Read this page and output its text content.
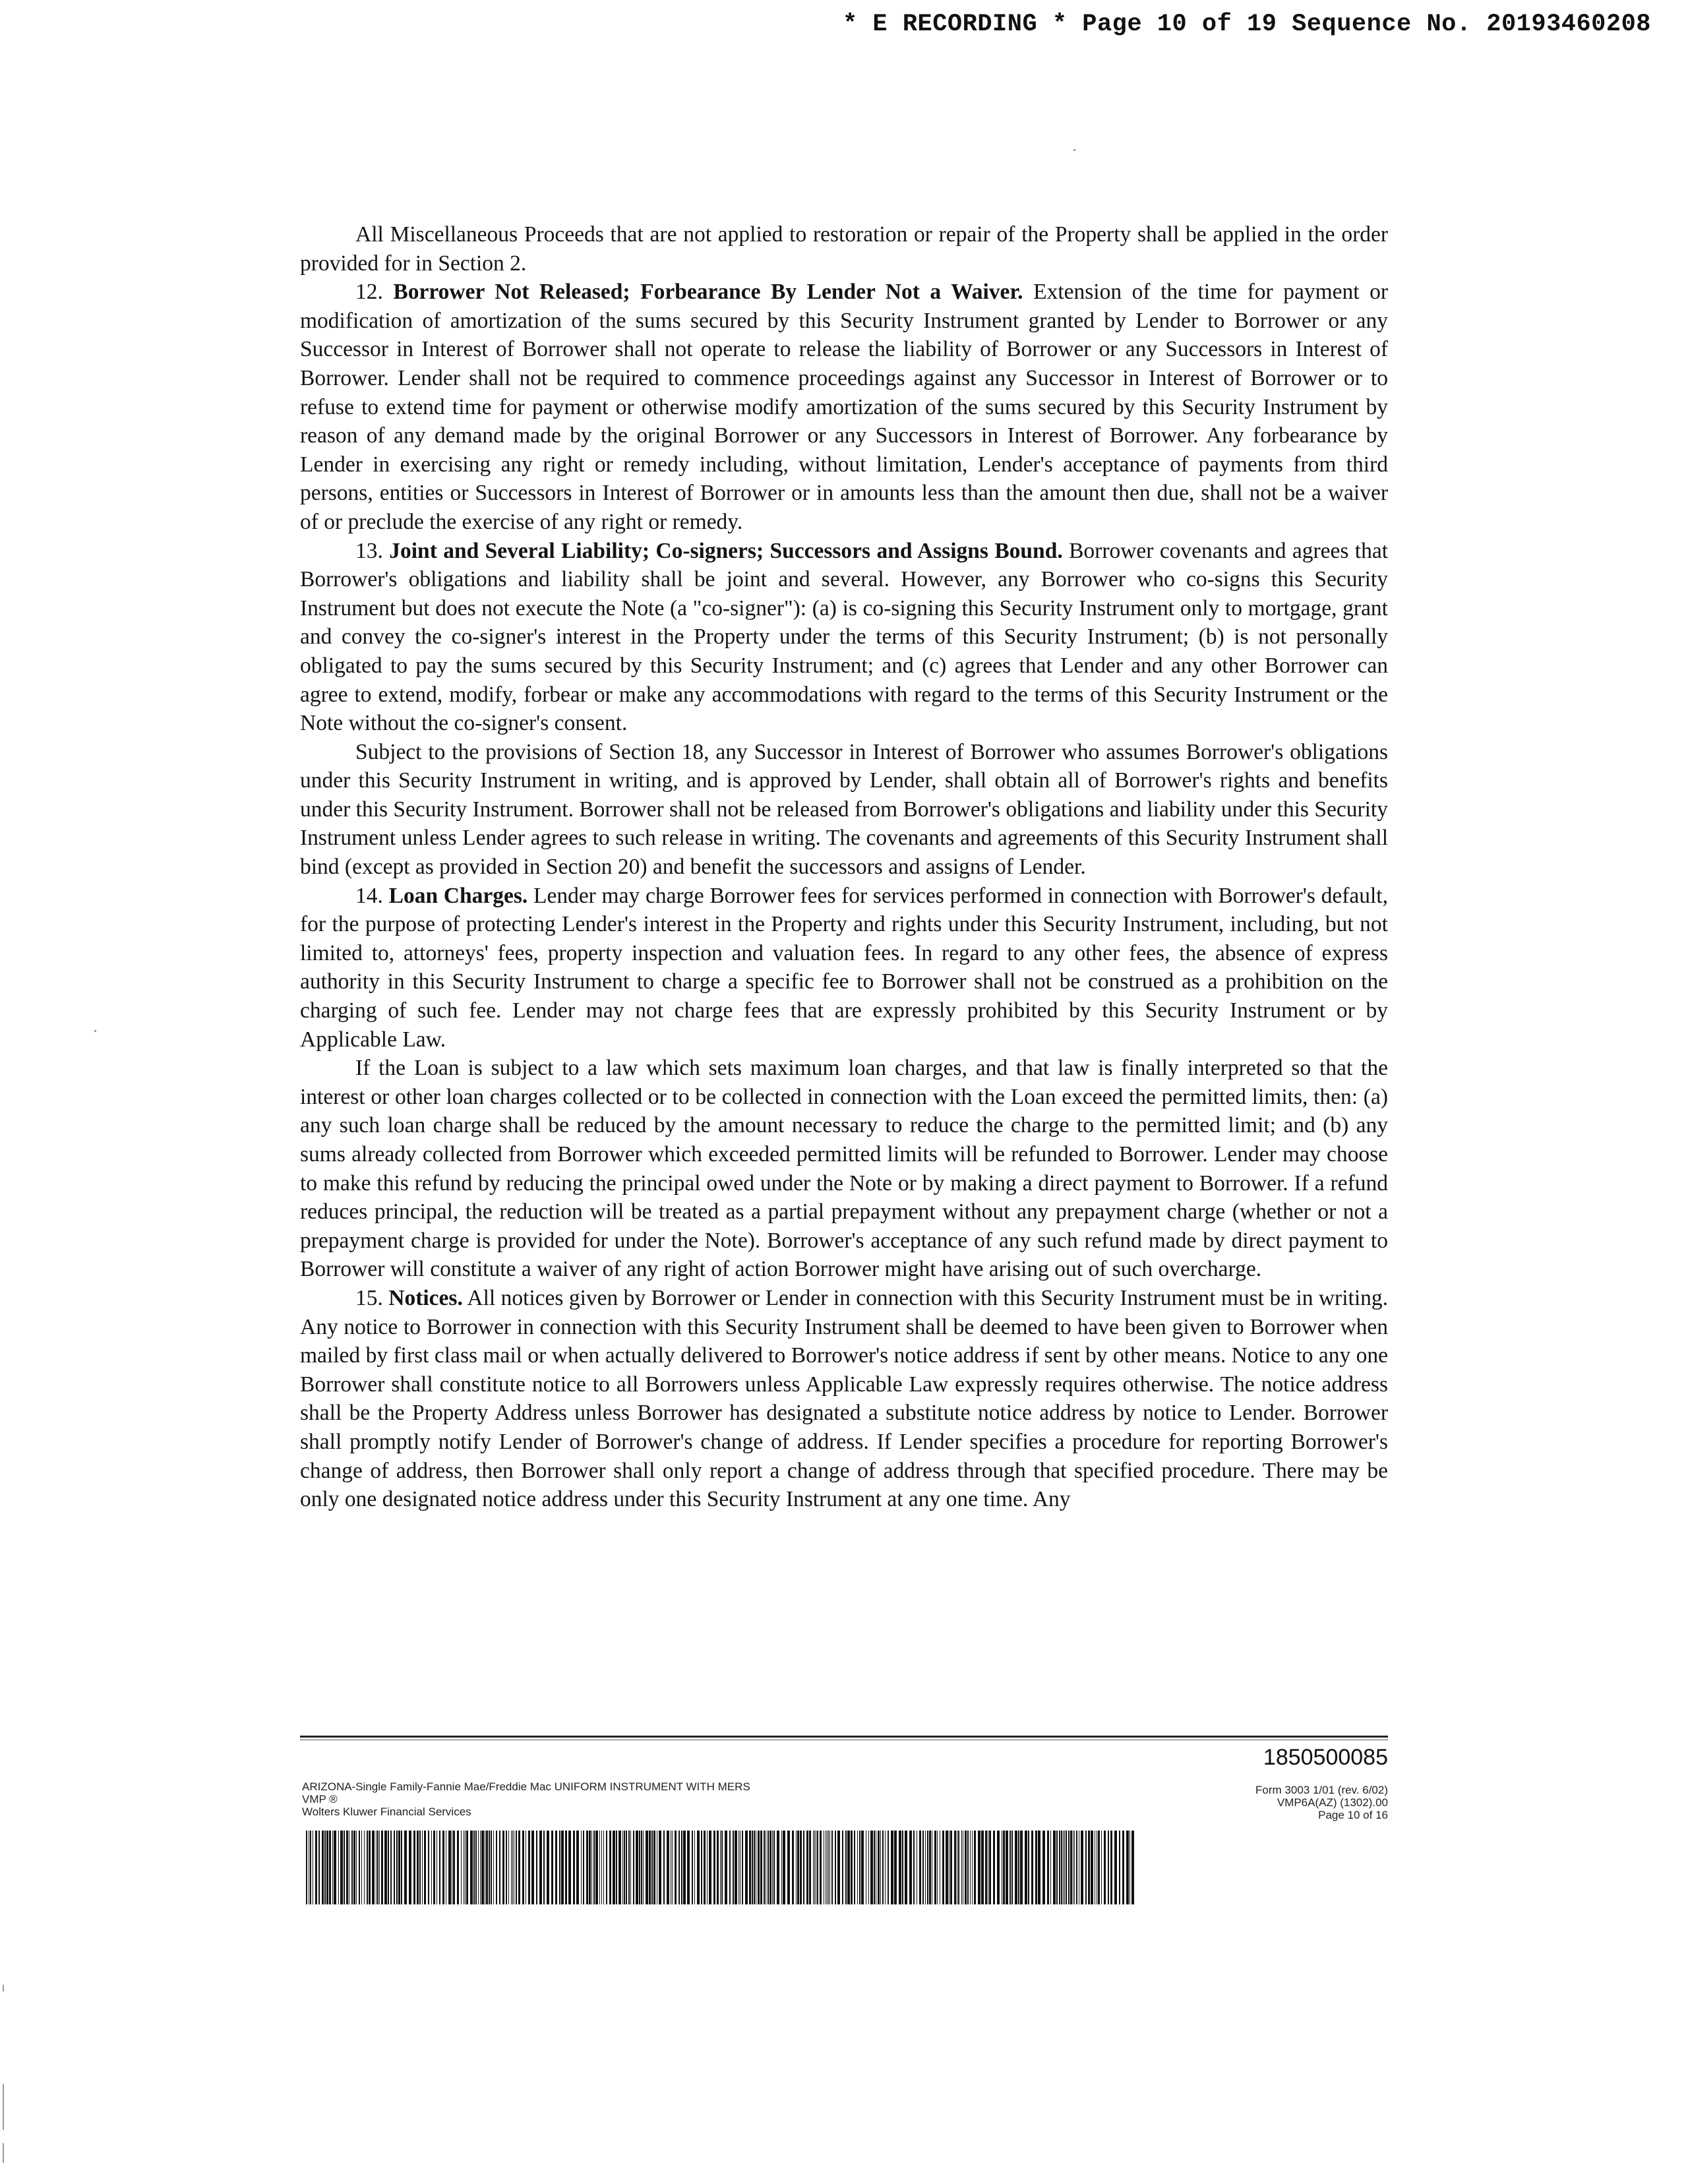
* E RECORDING * Page 10 of 19 Sequence No. 20193460208

All Miscellaneous Proceeds that are not applied to restoration or repair of the Property shall be applied in the order provided for in Section 2.

12. Borrower Not Released; Forbearance By Lender Not a Waiver. Extension of the time for payment or modification of amortization of the sums secured by this Security Instrument granted by Lender to Borrower or any Successor in Interest of Borrower shall not operate to release the liability of Borrower or any Successors in Interest of Borrower. Lender shall not be required to commence proceedings against any Successor in Interest of Borrower or to refuse to extend time for payment or otherwise modify amortization of the sums secured by this Security Instrument by reason of any demand made by the original Borrower or any Successors in Interest of Borrower. Any forbearance by Lender in exercising any right or remedy including, without limitation, Lender's acceptance of payments from third persons, entities or Successors in Interest of Borrower or in amounts less than the amount then due, shall not be a waiver of or preclude the exercise of any right or remedy.

13. Joint and Several Liability; Co-signers; Successors and Assigns Bound. Borrower covenants and agrees that Borrower's obligations and liability shall be joint and several. However, any Borrower who co-signs this Security Instrument but does not execute the Note (a "co-signer"): (a) is co-signing this Security Instrument only to mortgage, grant and convey the co-signer's interest in the Property under the terms of this Security Instrument; (b) is not personally obligated to pay the sums secured by this Security Instrument; and (c) agrees that Lender and any other Borrower can agree to extend, modify, forbear or make any accommodations with regard to the terms of this Security Instrument or the Note without the co-signer's consent.

Subject to the provisions of Section 18, any Successor in Interest of Borrower who assumes Borrower's obligations under this Security Instrument in writing, and is approved by Lender, shall obtain all of Borrower's rights and benefits under this Security Instrument. Borrower shall not be released from Borrower's obligations and liability under this Security Instrument unless Lender agrees to such release in writing. The covenants and agreements of this Security Instrument shall bind (except as provided in Section 20) and benefit the successors and assigns of Lender.

14. Loan Charges. Lender may charge Borrower fees for services performed in connection with Borrower's default, for the purpose of protecting Lender's interest in the Property and rights under this Security Instrument, including, but not limited to, attorneys' fees, property inspection and valuation fees. In regard to any other fees, the absence of express authority in this Security Instrument to charge a specific fee to Borrower shall not be construed as a prohibition on the charging of such fee. Lender may not charge fees that are expressly prohibited by this Security Instrument or by Applicable Law.

If the Loan is subject to a law which sets maximum loan charges, and that law is finally interpreted so that the interest or other loan charges collected or to be collected in connection with the Loan exceed the permitted limits, then: (a) any such loan charge shall be reduced by the amount necessary to reduce the charge to the permitted limit; and (b) any sums already collected from Borrower which exceeded permitted limits will be refunded to Borrower. Lender may choose to make this refund by reducing the principal owed under the Note or by making a direct payment to Borrower. If a refund reduces principal, the reduction will be treated as a partial prepayment without any prepayment charge (whether or not a prepayment charge is provided for under the Note). Borrower's acceptance of any such refund made by direct payment to Borrower will constitute a waiver of any right of action Borrower might have arising out of such overcharge.

15. Notices. All notices given by Borrower or Lender in connection with this Security Instrument must be in writing. Any notice to Borrower in connection with this Security Instrument shall be deemed to have been given to Borrower when mailed by first class mail or when actually delivered to Borrower's notice address if sent by other means. Notice to any one Borrower shall constitute notice to all Borrowers unless Applicable Law expressly requires otherwise. The notice address shall be the Property Address unless Borrower has designated a substitute notice address by notice to Lender. Borrower shall promptly notify Lender of Borrower's change of address. If Lender specifies a procedure for reporting Borrower's change of address, then Borrower shall only report a change of address through that specified procedure. There may be only one designated notice address under this Security Instrument at any one time. Any

1850500085
ARIZONA-Single Family-Fannie Mae/Freddie Mac UNIFORM INSTRUMENT WITH MERS
VMP ®
Wolters Kluwer Financial Services
Form 3003 1/01 (rev. 6/02)
VMP6A(AZ) (1302).00
Page 10 of 16
